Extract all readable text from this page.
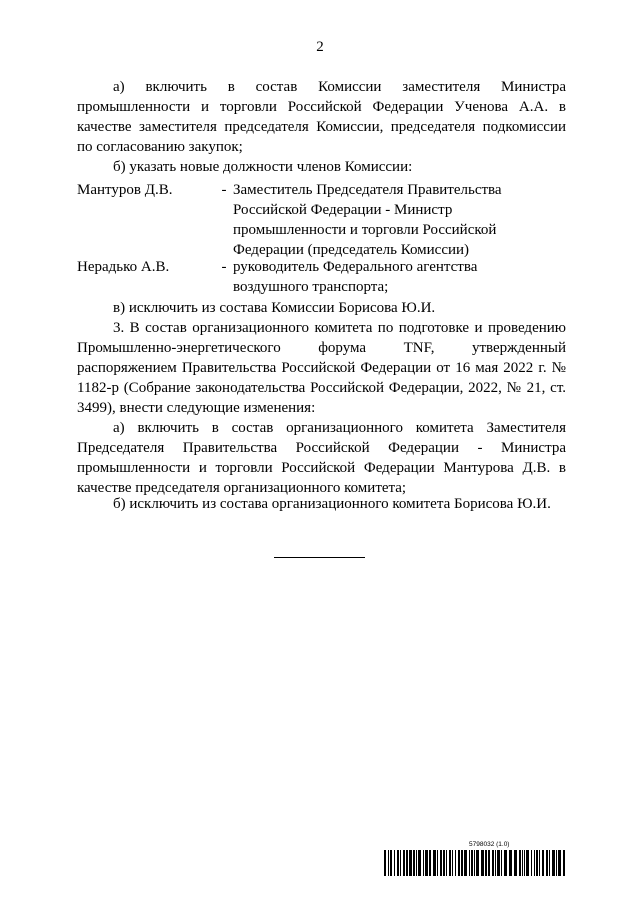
2

а) включить в состав Комиссии заместителя Министра промышленности и торговли Российской Федерации Ученова А.А. в качестве заместителя председателя Комиссии, председателя подкомиссии по согласованию закупок;

б) указать новые должности членов Комиссии:

Мантуров Д.В.	- Заместитель Председателя Правительства Российской Федерации - Министр промышленности и торговли Российской Федерации (председатель Комиссии)
Нерадько А.В.	- руководитель Федерального агентства воздушного транспорта;

в) исключить из состава Комиссии Борисова Ю.И.

3. В состав организационного комитета по подготовке и проведению Промышленно-энергетического форума TNF, утвержденный распоряжением Правительства Российской Федерации от 16 мая 2022 г. № 1182-р (Собрание законодательства Российской Федерации, 2022, № 21, ст. 3499), внести следующие изменения:

а) включить в состав организационного комитета Заместителя Председателя Правительства Российской Федерации - Министра промышленности и торговли Российской Федерации Мантурова Д.В. в качестве председателя организационного комитета;

б) исключить из состава организационного комитета Борисова Ю.И.

5798032 (1.0)
